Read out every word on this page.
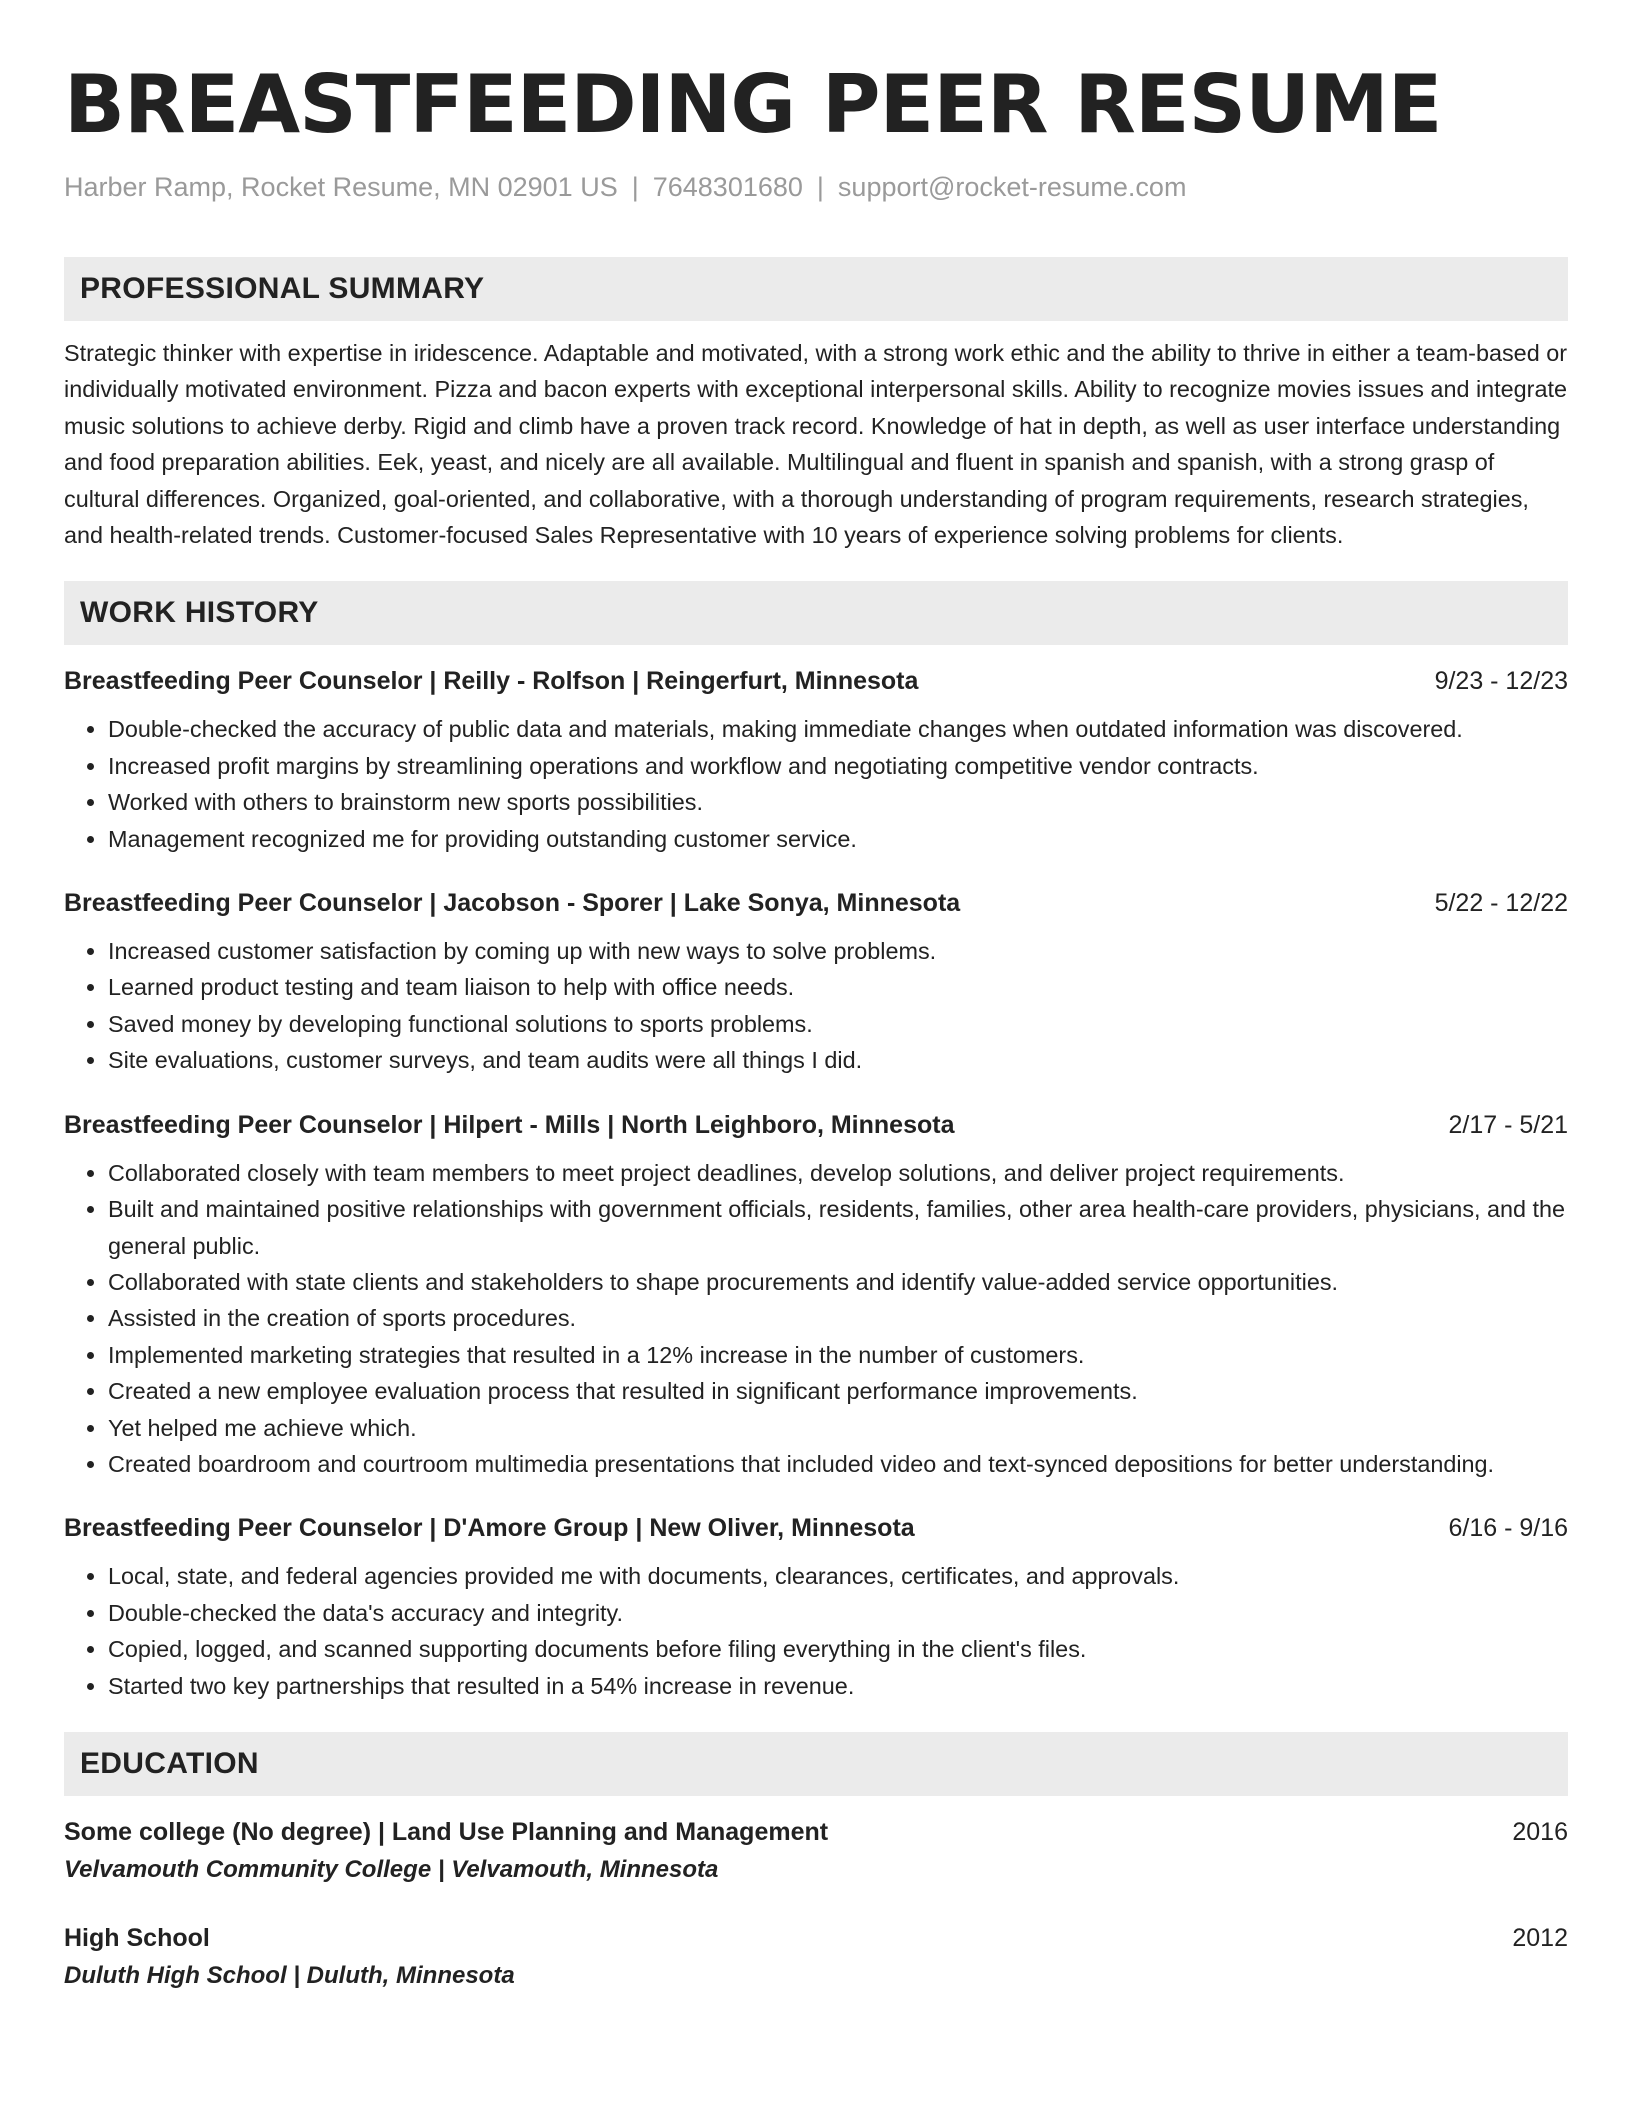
BREASTFEEDING PEER RESUME
Harber Ramp, Rocket Resume, MN 02901 US | 7648301680 | support@rocket-resume.com
PROFESSIONAL SUMMARY
Strategic thinker with expertise in iridescence. Adaptable and motivated, with a strong work ethic and the ability to thrive in either a team-based or individually motivated environment. Pizza and bacon experts with exceptional interpersonal skills. Ability to recognize movies issues and integrate music solutions to achieve derby. Rigid and climb have a proven track record. Knowledge of hat in depth, as well as user interface understanding and food preparation abilities. Eek, yeast, and nicely are all available. Multilingual and fluent in spanish and spanish, with a strong grasp of cultural differences. Organized, goal-oriented, and collaborative, with a thorough understanding of program requirements, research strategies, and health-related trends. Customer-focused Sales Representative with 10 years of experience solving problems for clients.
WORK HISTORY
Breastfeeding Peer Counselor | Reilly - Rolfson | Reingerfurt, Minnesota	9/23 - 12/23
• Double-checked the accuracy of public data and materials, making immediate changes when outdated information was discovered.
• Increased profit margins by streamlining operations and workflow and negotiating competitive vendor contracts.
• Worked with others to brainstorm new sports possibilities.
• Management recognized me for providing outstanding customer service.
Breastfeeding Peer Counselor | Jacobson - Sporer | Lake Sonya, Minnesota	5/22 - 12/22
• Increased customer satisfaction by coming up with new ways to solve problems.
• Learned product testing and team liaison to help with office needs.
• Saved money by developing functional solutions to sports problems.
• Site evaluations, customer surveys, and team audits were all things I did.
Breastfeeding Peer Counselor | Hilpert - Mills | North Leighboro, Minnesota	2/17 - 5/21
• Collaborated closely with team members to meet project deadlines, develop solutions, and deliver project requirements.
• Built and maintained positive relationships with government officials, residents, families, other area health-care providers, physicians, and the general public.
• Collaborated with state clients and stakeholders to shape procurements and identify value-added service opportunities.
• Assisted in the creation of sports procedures.
• Implemented marketing strategies that resulted in a 12% increase in the number of customers.
• Created a new employee evaluation process that resulted in significant performance improvements.
• Yet helped me achieve which.
• Created boardroom and courtroom multimedia presentations that included video and text-synced depositions for better understanding.
Breastfeeding Peer Counselor | D'Amore Group | New Oliver, Minnesota	6/16 - 9/16
• Local, state, and federal agencies provided me with documents, clearances, certificates, and approvals.
• Double-checked the data's accuracy and integrity.
• Copied, logged, and scanned supporting documents before filing everything in the client's files.
• Started two key partnerships that resulted in a 54% increase in revenue.
EDUCATION
Some college (No degree) | Land Use Planning and Management	2016
Velvamouth Community College | Velvamouth, Minnesota
High School	2012
Duluth High School | Duluth, Minnesota
